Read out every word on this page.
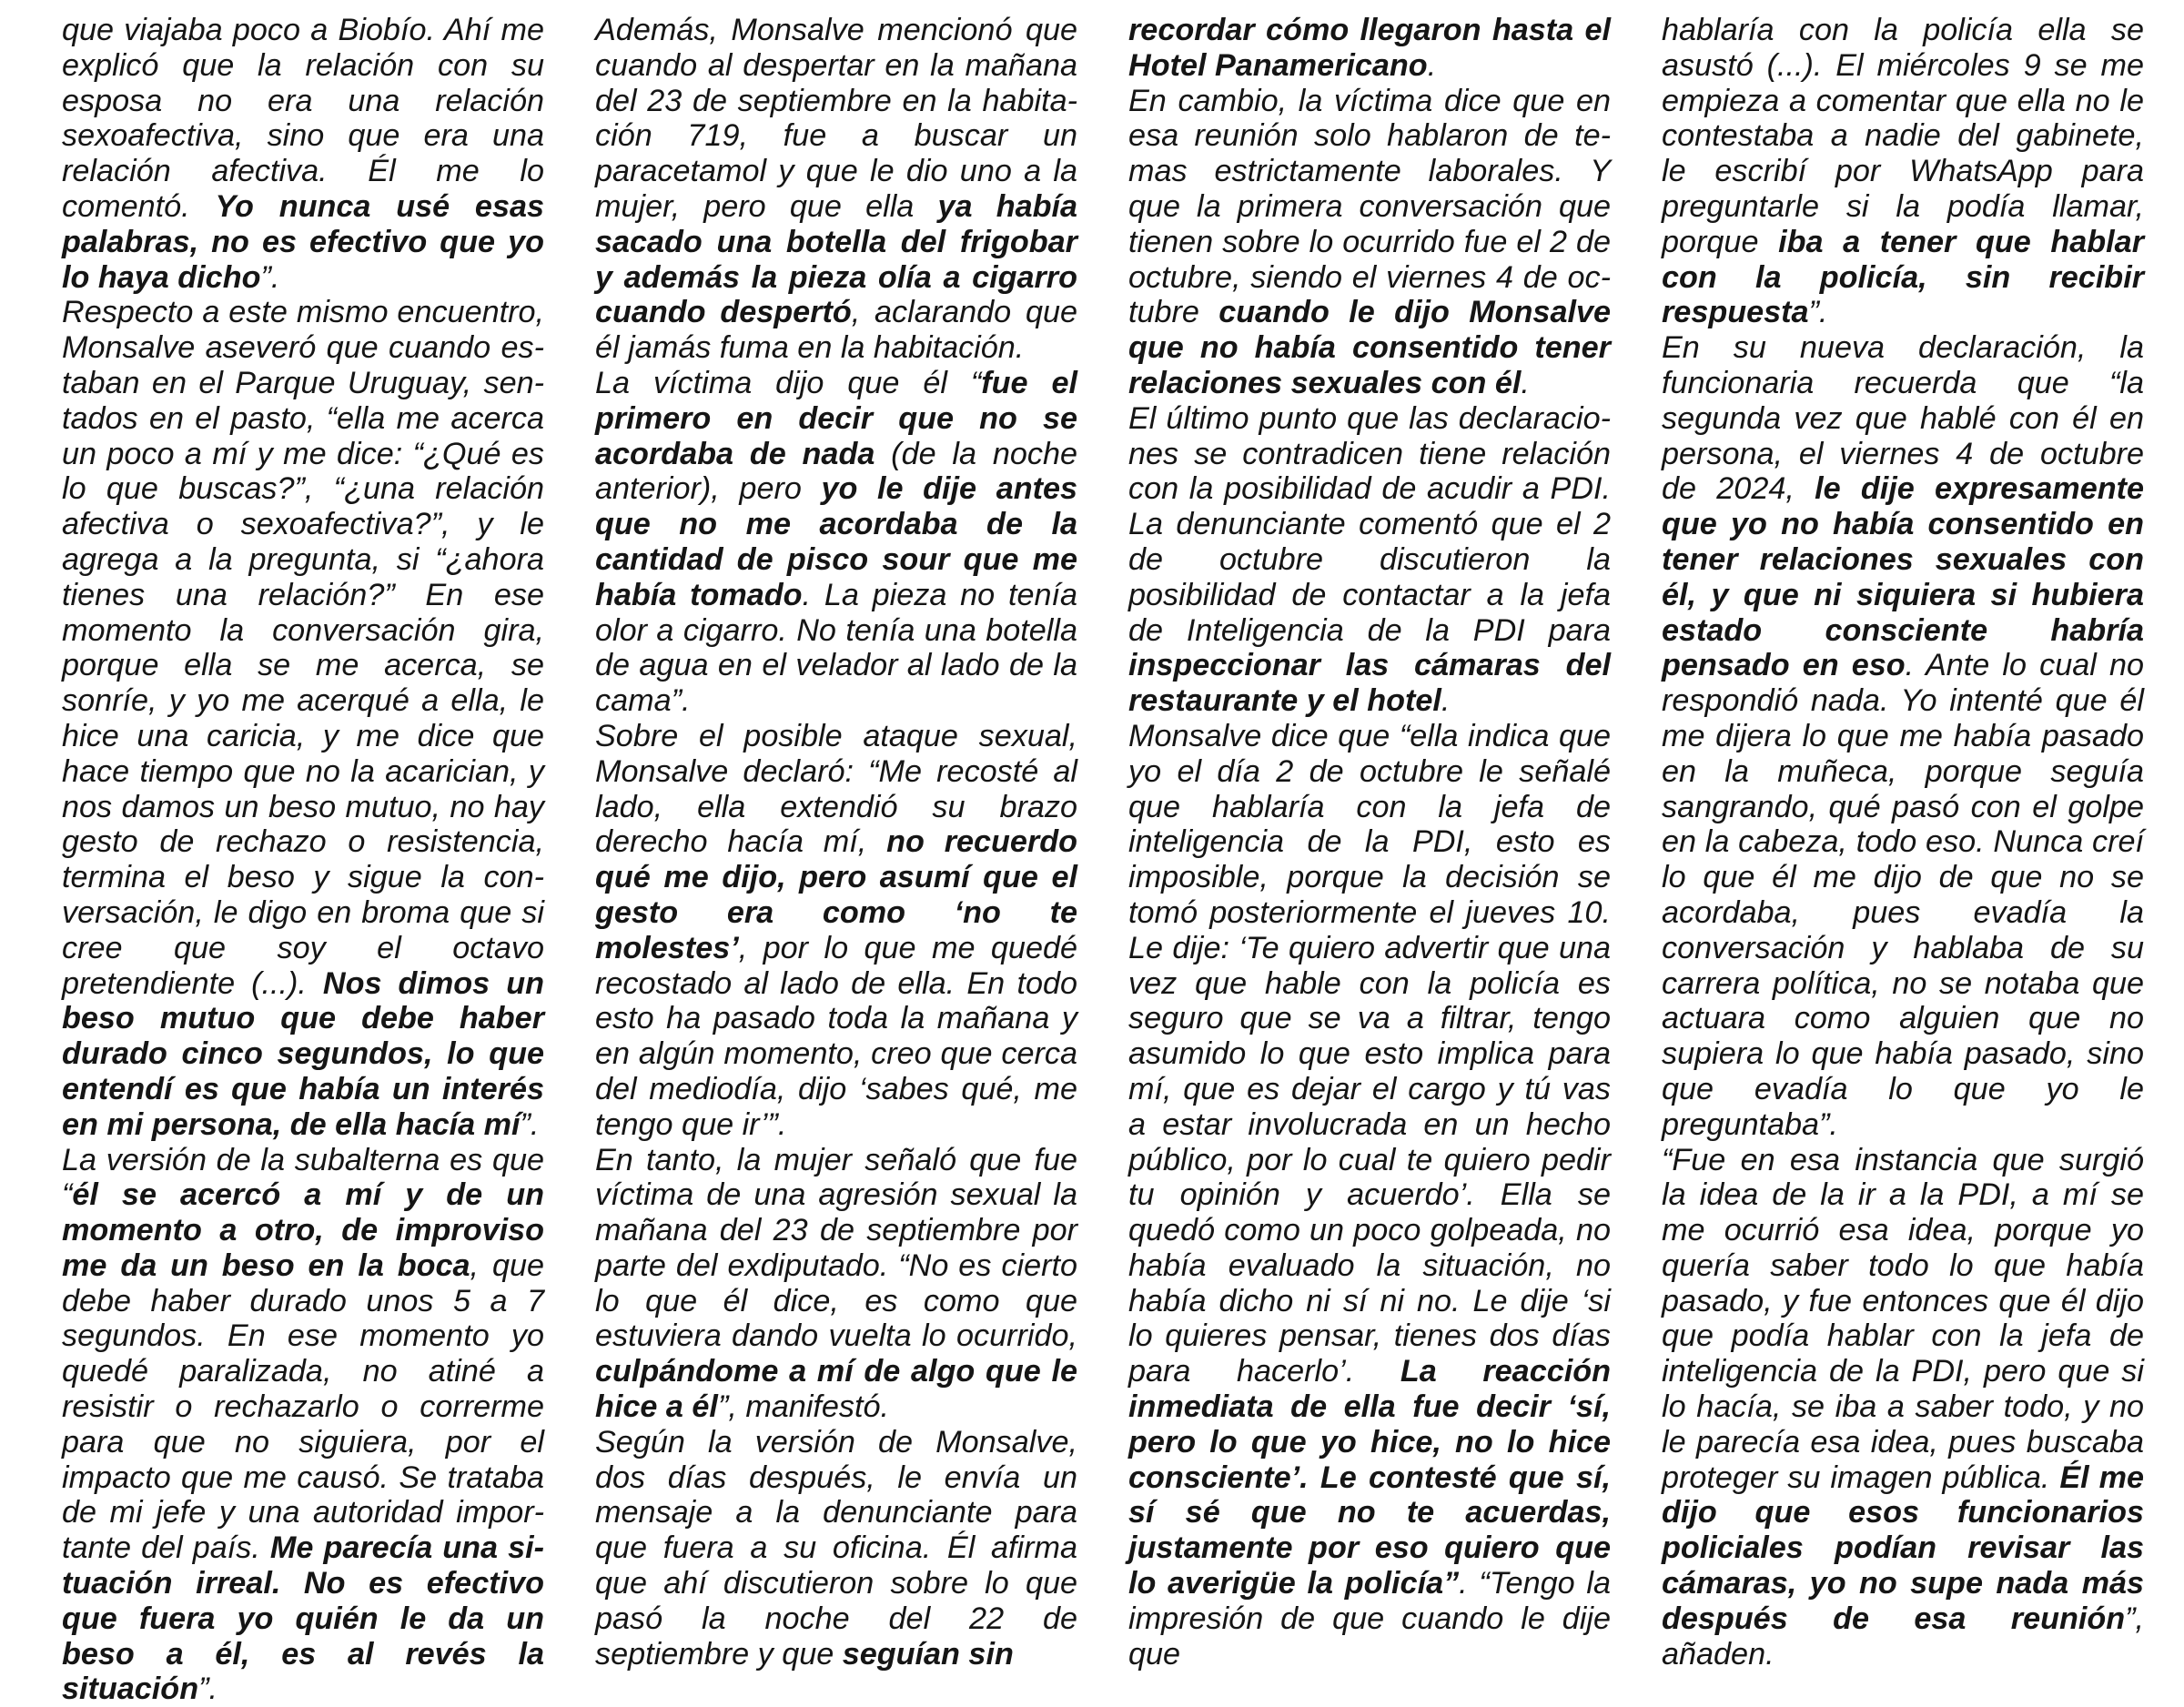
que viajaba poco a Biobío. Ahí me explicó que la relación con su esposa no era una relación sexoafectiva, sino que era una relación afectiva. Él me lo comentó. Yo nunca usé esas palabras, no es efectivo que yo lo haya dicho”.

Respecto a este mismo encuentro, Monsalve aseveró que cuando estaban en el Parque Uruguay, sentados en el pasto, “ella me acerca un poco a mí y me dice: “¿Qué es lo que buscas?”, “¿una relación afectiva o sexoafectiva?”, y le agrega a la pregunta, si “¿ahora tienes una relación?” En ese momento la conversación gira, porque ella se me acerca, se sonríe, y yo me acerqué a ella, le hice una caricia, y me dice que hace tiempo que no la acarician, y nos damos un beso mutuo, no hay gesto de rechazo o resistencia, termina el beso y sigue la conversación, le digo en broma que si cree que soy el octavo pretendiente (...). Nos dimos un beso mutuo que debe haber durado cinco segundos, lo que entendí es que había un interés en mi persona, de ella hacía mí”.

La versión de la subalterna es que “él se acercó a mí y de un momento a otro, de improviso me da un beso en la boca, que debe haber durado unos 5 a 7 segundos. En ese momento yo quedé paralizada, no atiné a resistir o rechazarlo o correrme para que no siguiera, por el impacto que me causó. Se trataba de mi jefe y una autoridad importante del país. Me parecía una situación irreal. No es efectivo que fuera yo quién le da un beso a él, es al revés la situación”.

Además, Monsalve mencionó que cuando al despertar en la mañana del 23 de septiembre en la habitación 719, fue a buscar un paracetamol y que le dio uno a la mujer, pero que ella ya había sacado una botella del frigobar y además la pieza olía a cigarro cuando despertó, aclarando que él jamás fuma en la habitación.

La víctima dijo que él “fue el primero en decir que no se acordaba de nada (de la noche anterior), pero yo le dije antes que no me acordaba de la cantidad de pisco sour que me había tomado. La pieza no tenía olor a cigarro. No tenía una botella de agua en el velador al lado de la cama”.

Sobre el posible ataque sexual, Monsalve declaró: “Me recosté al lado, ella extendió su brazo derecho hacía mí, no recuerdo qué me dijo, pero asumí que el gesto era como ‘no te molestes’, por lo que me quedé recostado al lado de ella. En todo esto ha pasado toda la mañana y en algún momento, creo que cerca del mediodía, dijo ‘sabes qué, me tengo que ir’”.

En tanto, la mujer señaló que fue víctima de una agresión sexual la mañana del 23 de septiembre por parte del exdiputado. “No es cierto lo que él dice, es como que estuviera dando vuelta lo ocurrido, culpándome a mí de algo que le hice a él”, manifestó.

Según la versión de Monsalve, dos días después, le envía un mensaje a la denunciante para que fuera a su oficina. Él afirma que ahí discutieron sobre lo que pasó la noche del 22 de septiembre y que seguían sin

recordar cómo llegaron hasta el Hotel Panamericano.

En cambio, la víctima dice que en esa reunión solo hablaron de temas estrictamente laborales. Y que la primera conversación que tienen sobre lo ocurrido fue el 2 de octubre, siendo el viernes 4 de octubre cuando le dijo Monsalve que no había consentido tener relaciones sexuales con él.

El último punto que las declaraciones se contradicen tiene relación con la posibilidad de acudir a PDI. La denunciante comentó que el 2 de octubre discutieron la posibilidad de contactar a la jefa de Inteligencia de la PDI para inspeccionar las cámaras del restaurante y el hotel.

Monsalve dice que “ella indica que yo el día 2 de octubre le señalé que hablaría con la jefa de inteligencia de la PDI, esto es imposible, porque la decisión se tomó posteriormente el jueves 10. Le dije: ‘Te quiero advertir que una vez que hable con la policía es seguro que se va a filtrar, tengo asumido lo que esto implica para mí, que es dejar el cargo y tú vas a estar involucrada en un hecho público, por lo cual te quiero pedir tu opinión y acuerdo’. Ella se quedó como un poco golpeada, no había evaluado la situación, no había dicho ni sí ni no. Le dije ‘si lo quieres pensar, tienes dos días para hacerlo’. La reacción inmediata de ella fue decir ‘sí, pero lo que yo hice, no lo hice consciente’. Le contesté que sí, sí sé que no te acuerdas, justamente por eso quiero que lo averigüe la policía”. “Tengo la impresión de que cuando le dije que

hablaría con la policía ella se asustó (...). El miércoles 9 se me empieza a comentar que ella no le contestaba a nadie del gabinete, le escribí por WhatsApp para preguntarle si la podía llamar, porque iba a tener que hablar con la policía, sin recibir respuesta”.

En su nueva declaración, la funcionaria recuerda que “la segunda vez que hablé con él en persona, el viernes 4 de octubre de 2024, le dije expresamente que yo no había consentido en tener relaciones sexuales con él, y que ni siquiera si hubiera estado consciente habría pensado en eso. Ante lo cual no respondió nada. Yo intenté que él me dijera lo que me había pasado en la muñeca, porque seguía sangrando, qué pasó con el golpe en la cabeza, todo eso. Nunca creí lo que él me dijo de que no se acordaba, pues evadía la conversación y hablaba de su carrera política, no se notaba que actuara como alguien que no supiera lo que había pasado, sino que evadía lo que yo le preguntaba”.

“Fue en esa instancia que surgió la idea de la ir a la PDI, a mí se me ocurrió esa idea, porque yo quería saber todo lo que había pasado, y fue entonces que él dijo que podía hablar con la jefa de inteligencia de la PDI, pero que si lo hacía, se iba a saber todo, y no le parecía esa idea, pues buscaba proteger su imagen pública. Él me dijo que esos funcionarios policiales podían revisar las cámaras, yo no supe nada más después de esa reunión”, añaden.
